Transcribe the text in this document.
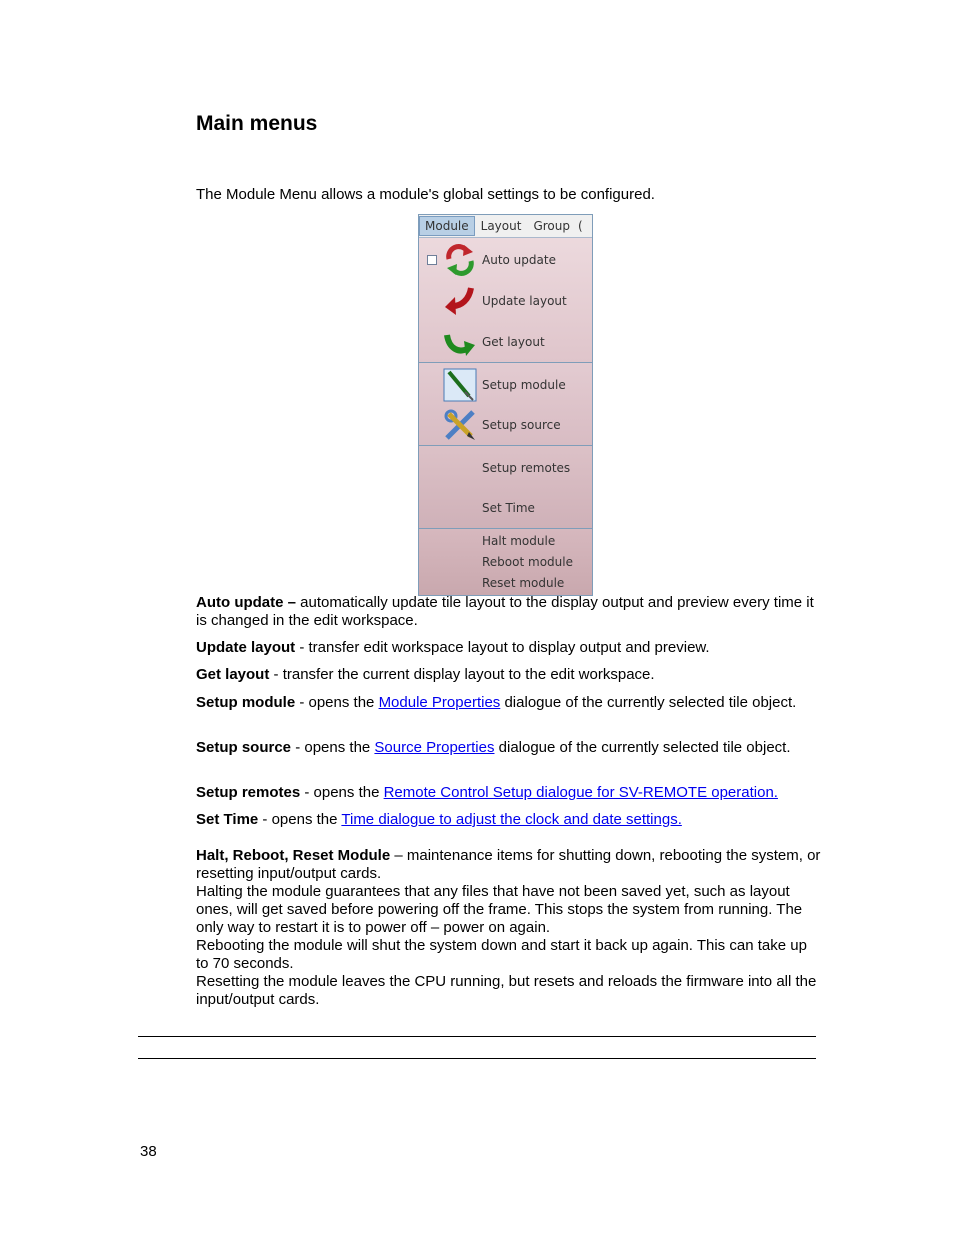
Main menus
The Module Menu allows a module's global settings to be configured.
Module	Layout	Group (
Auto update
Update layout
Get layout
Setup module
Setup source
Setup remotes
Set Time
Halt module
Reboot module
Reset module
Auto update – automatically update tile layout to the display output and preview every time it is changed in the edit workspace.
Update layout - transfer edit workspace layout to display output and preview.
Get layout - transfer the current display layout to the edit workspace.
Setup module - opens the Module Properties dialogue of the currently selected tile object.
Setup source - opens the Source Properties dialogue of the currently selected tile object.
Setup remotes - opens the Remote Control Setup dialogue for SV-REMOTE operation.
Set Time - opens the Time dialogue to adjust the clock and date settings.
Halt, Reboot, Reset Module – maintenance items for shutting down, rebooting the system, or resetting input/output cards.
Halting the module guarantees that any files that have not been saved yet, such as layout ones, will get saved before powering off the frame. This stops the system from running. The only way to restart it is to power off – power on again.
Rebooting the module will shut the system down and start it back up again. This can take up to 70 seconds.
Resetting the module leaves the CPU running, but resets and reloads the firmware into all the input/output cards.
38
